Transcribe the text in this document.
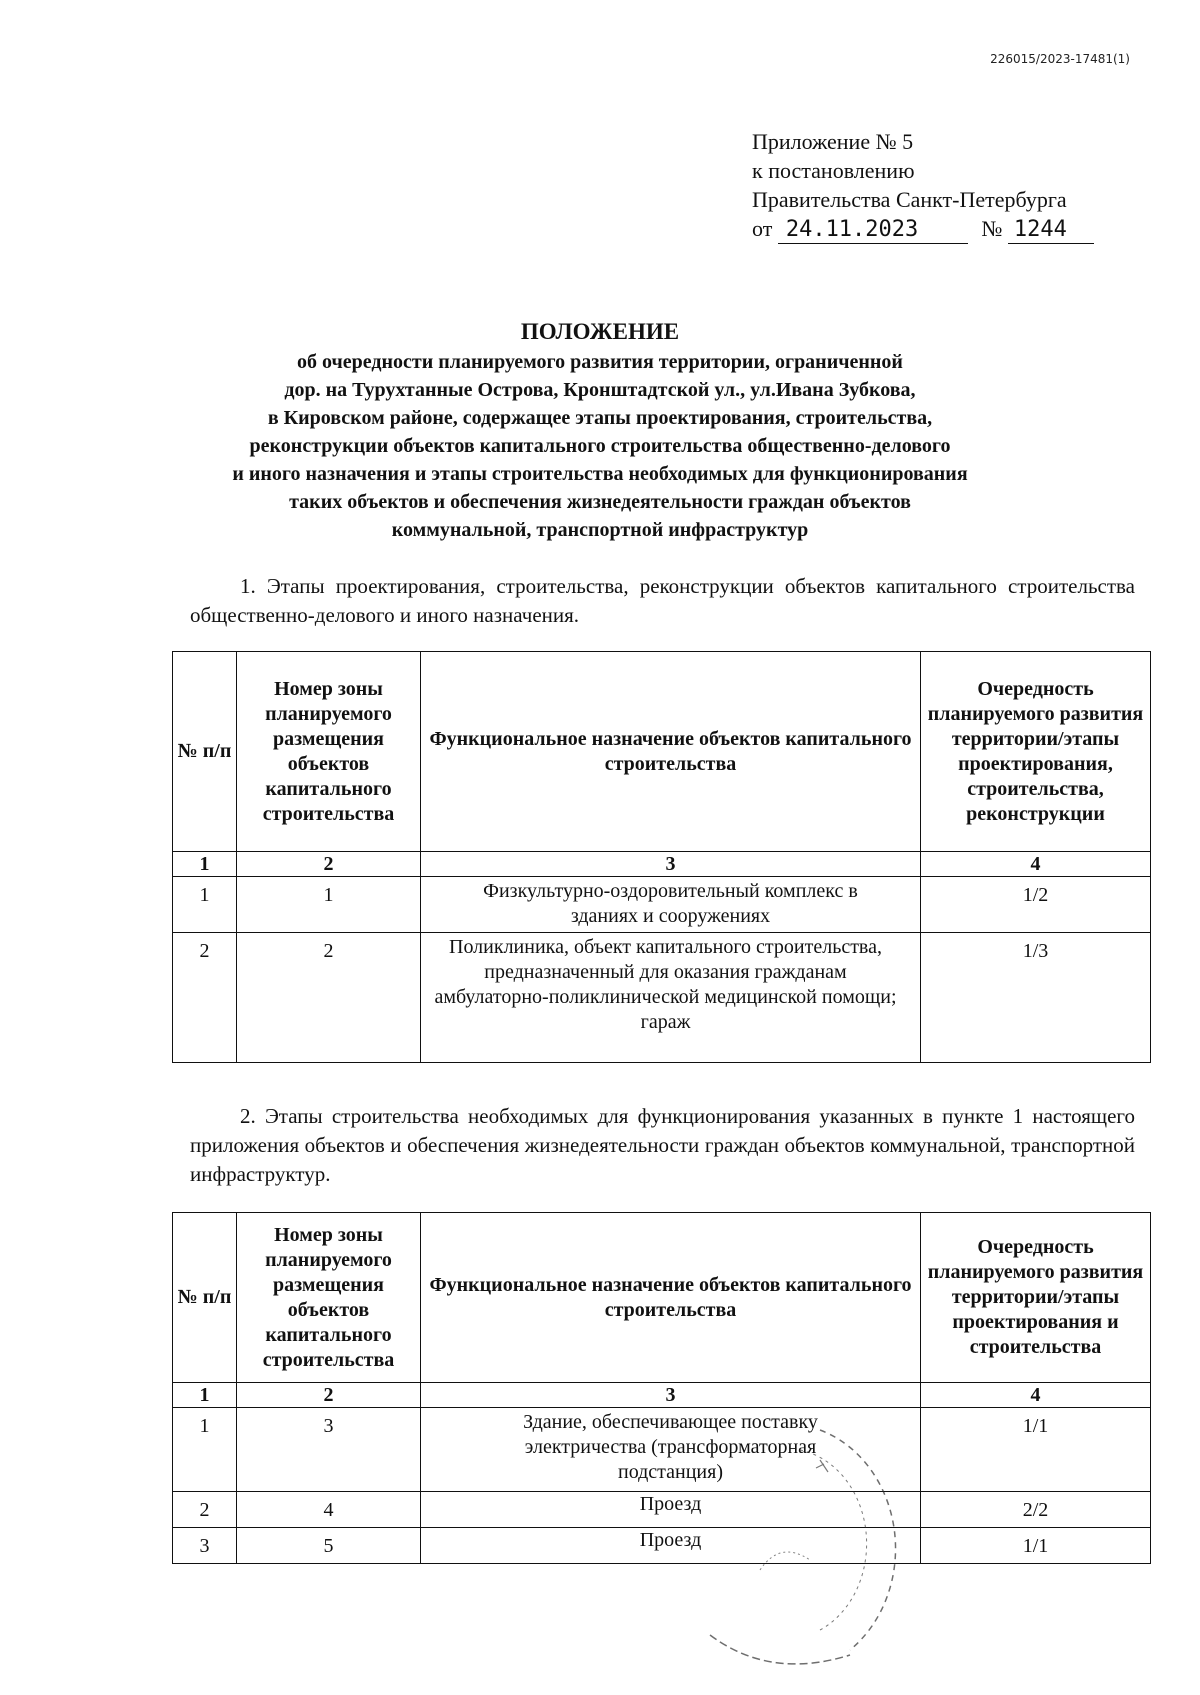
226015/2023-17481(1)
Приложение № 5
к постановлению
Правительства Санкт-Петербурга
от 24.11.2023	№ 1244
ПОЛОЖЕНИЕ
об очередности планируемого развития территории, ограниченной
дор. на Турухтанные Острова, Кронштадтской ул., ул.Ивана Зубкова,
в Кировском районе, содержащее этапы проектирования, строительства,
реконструкции объектов капитального строительства общественно-делового
и иного назначения и этапы строительства необходимых для функционирования
таких объектов и обеспечения жизнедеятельности граждан объектов
коммунальной, транспортной инфраструктур
1. Этапы проектирования, строительства, реконструкции объектов капитального строительства общественно-делового и иного назначения.
№ п/п	Номер зоны планируемого размещения объектов капитального строительства	Функциональное назначение объектов капитального строительства	Очередность планируемого развития территории/этапы проектирования, строительства, реконструкции
1	2	3	4
1	1	Физкультурно-оздоровительный комплекс в зданиях и сооружениях	1/2
2	2	Поликлиника, объект капитального строительства, предназначенный для оказания гражданам амбулаторно-поликлинической медицинской помощи; гараж	1/3
2. Этапы строительства необходимых для функционирования указанных в пункте 1 настоящего приложения объектов и обеспечения жизнедеятельности граждан объектов коммунальной, транспортной инфраструктур.
№ п/п	Номер зоны планируемого размещения объектов капитального строительства	Функциональное назначение объектов капитального строительства	Очередность планируемого развития территории/этапы проектирования и строительства
1	2	3	4
1	3	Здание, обеспечивающее поставку электричества (трансформаторная подстанция)	1/1
2	4	Проезд	2/2
3	5	Проезд	1/1
